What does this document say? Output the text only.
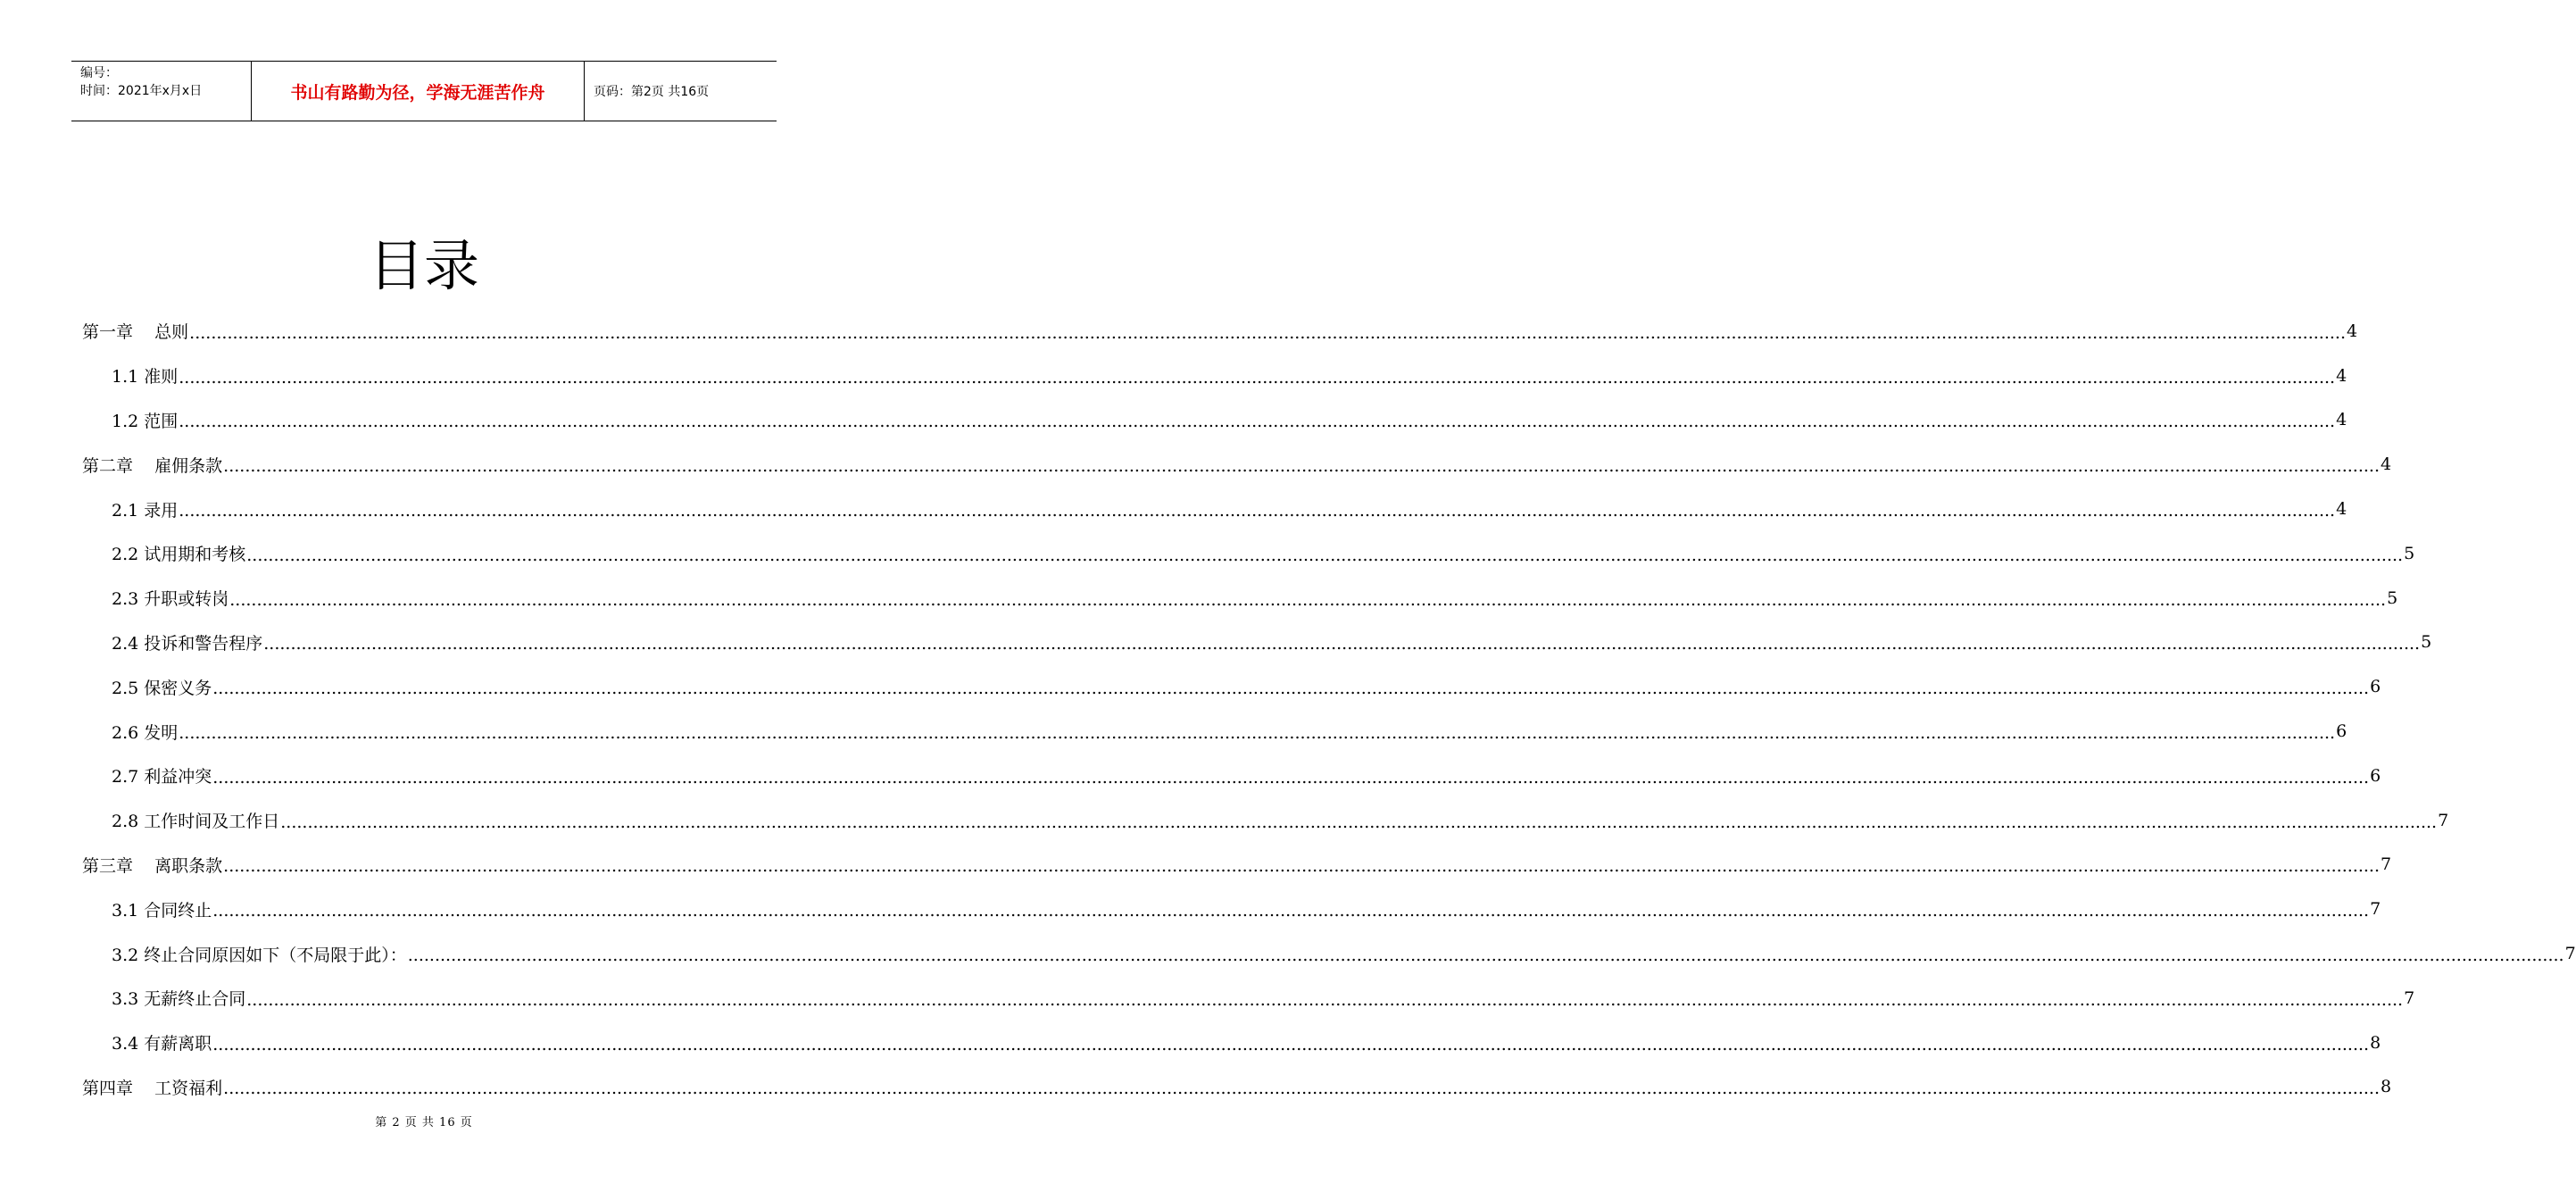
编号：
时间：2021年x月x日	书山有路勤为径，学海无涯苦作舟	页码：第2页 共16页
目录
第一章    总则 ................................................................................................................................................................................................................................................................................................................................................................................................................ 4
1.1 准则 ................................................................................................................................................................................................................................................................................................................................................................................................................ 4
1.2 范围 ................................................................................................................................................................................................................................................................................................................................................................................................................ 4
第二章    雇佣条款 ................................................................................................................................................................................................................................................................................................................................................................................................................ 4
2.1 录用 ................................................................................................................................................................................................................................................................................................................................................................................................................ 4
2.2 试用期和考核 ................................................................................................................................................................................................................................................................................................................................................................................................................ 5
2.3 升职或转岗 ................................................................................................................................................................................................................................................................................................................................................................................................................ 5
2.4 投诉和警告程序 ................................................................................................................................................................................................................................................................................................................................................................................................................ 5
2.5 保密义务 ................................................................................................................................................................................................................................................................................................................................................................................................................ 6
2.6 发明 ................................................................................................................................................................................................................................................................................................................................................................................................................ 6
2.7 利益冲突 ................................................................................................................................................................................................................................................................................................................................................................................................................ 6
2.8 工作时间及工作日 ................................................................................................................................................................................................................................................................................................................................................................................................................ 7
第三章    离职条款 ................................................................................................................................................................................................................................................................................................................................................................................................................ 7
3.1 合同终止 ................................................................................................................................................................................................................................................................................................................................................................................................................ 7
3.2 终止合同原因如下（不局限于此）： ................................................................................................................................................................................................................................................................................................................................................................................................................ 7
3.3 无薪终止合同 ................................................................................................................................................................................................................................................................................................................................................................................................................ 7
3.4 有薪离职 ................................................................................................................................................................................................................................................................................................................................................................................................................ 8
第四章    工资福利 ................................................................................................................................................................................................................................................................................................................................................................................................................ 8
第 2 页 共 16 页
